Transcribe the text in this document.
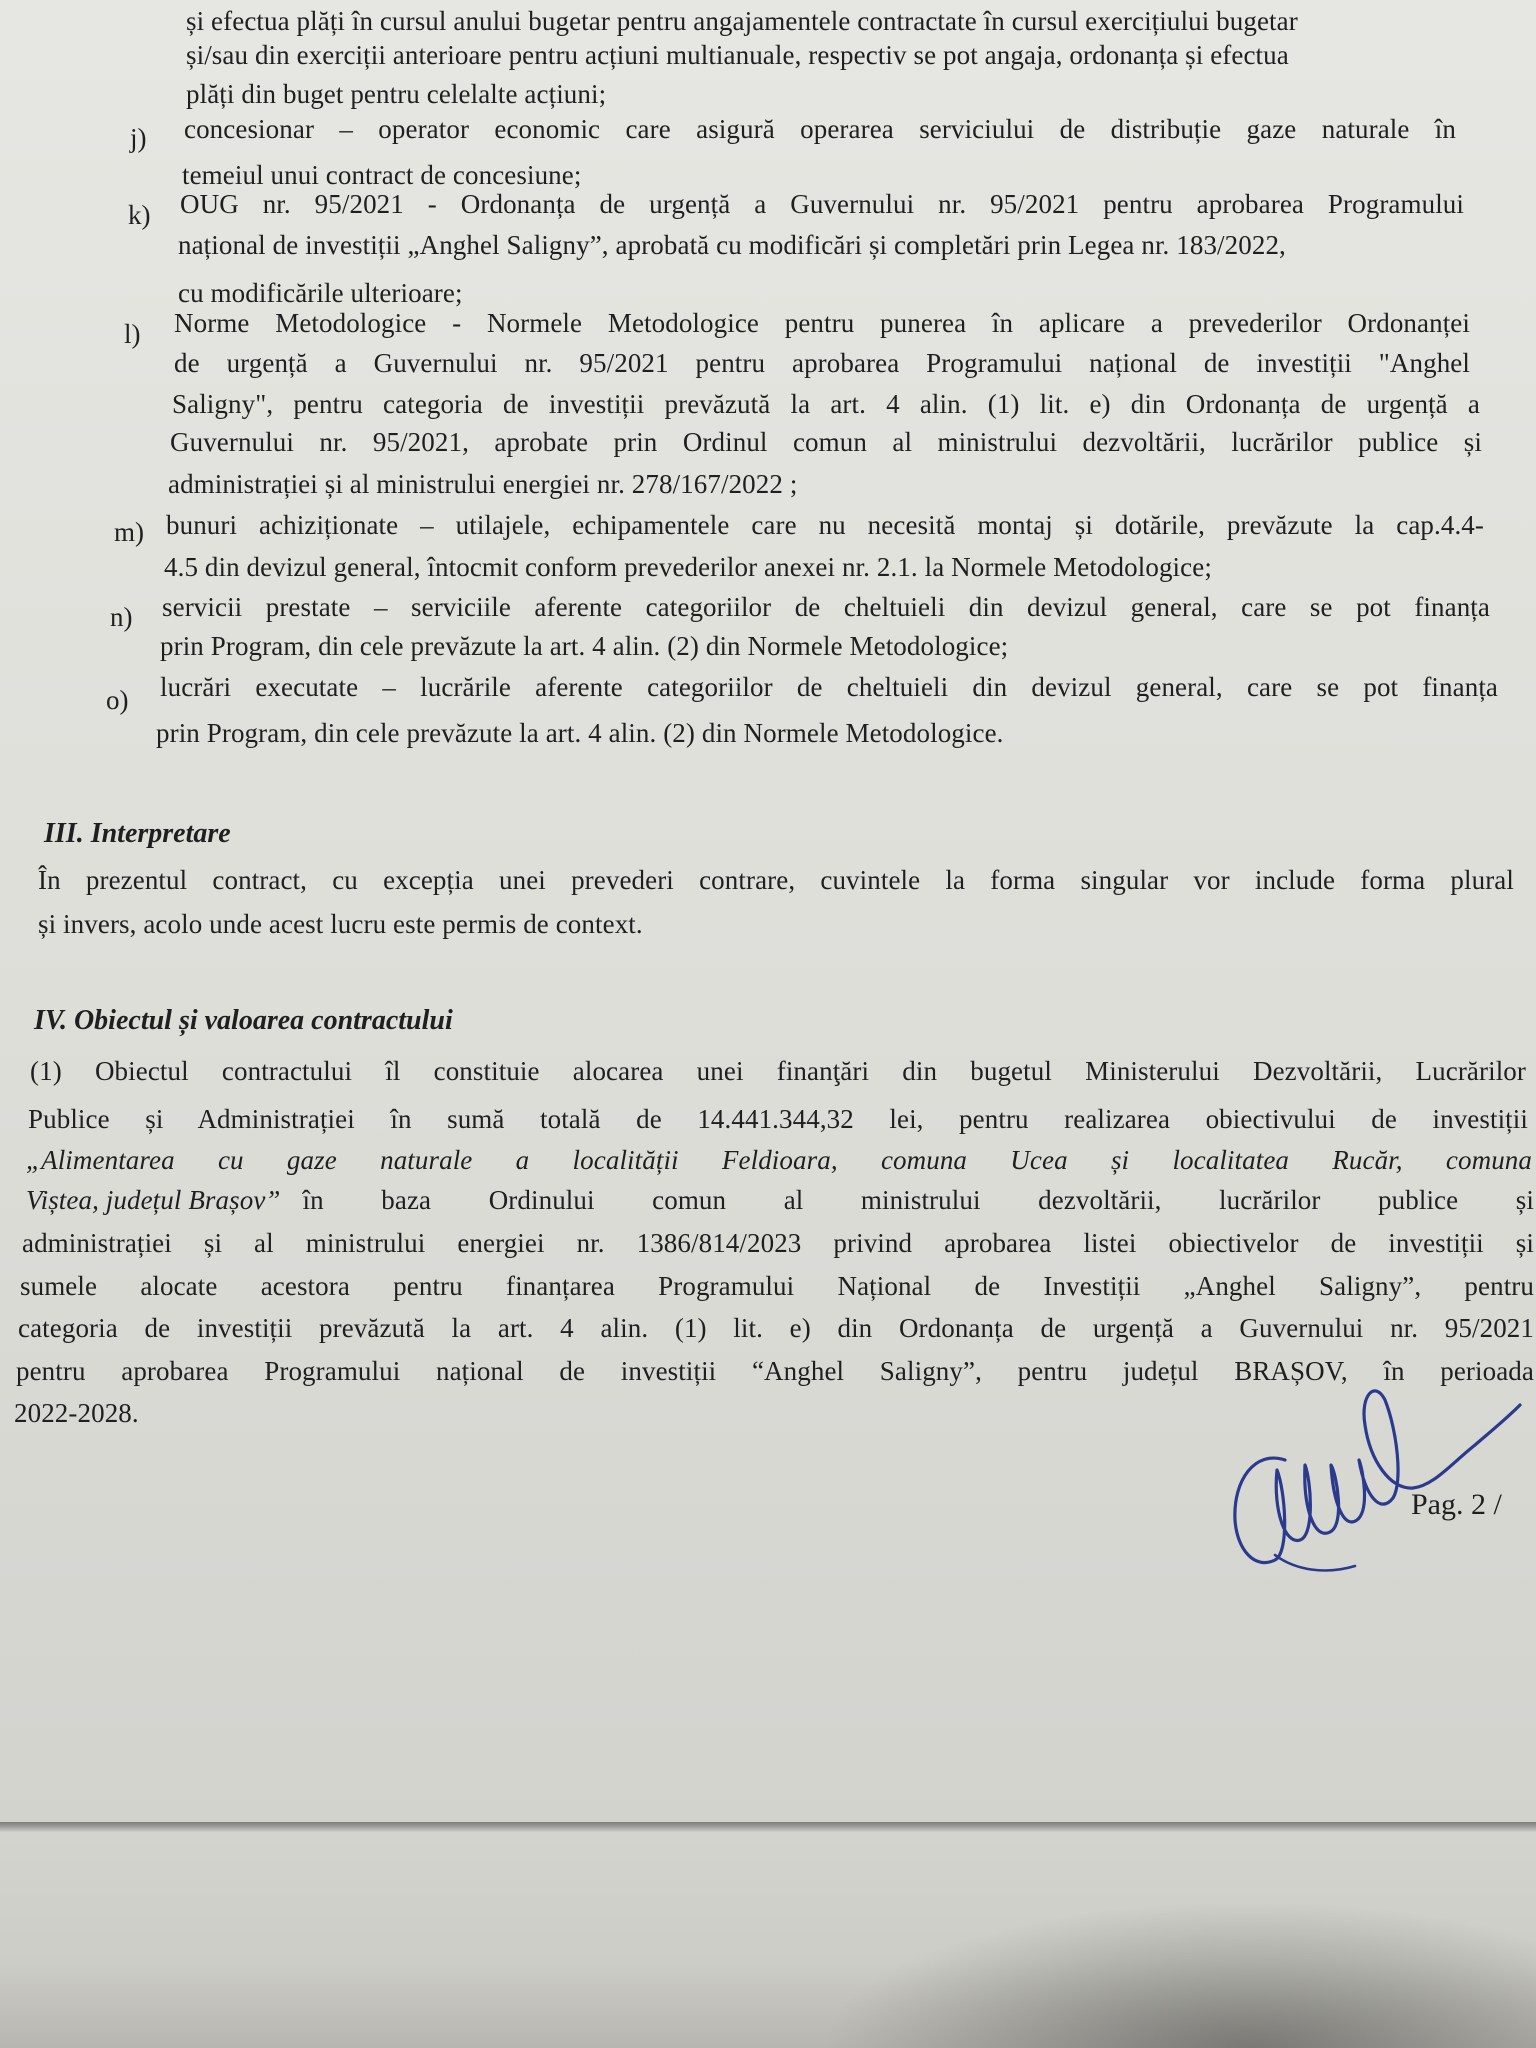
și efectua plăți în cursul anului bugetar pentru angajamentele contractate în cursul exercițiului bugetar
și/sau din exerciții anterioare pentru acțiuni multianuale, respectiv se pot angaja, ordonanța și efectua
plăți din buget pentru celelalte acțiuni;
j) concesionar – operator economic care asigură operarea serviciului de distribuție gaze naturale în
temeiul unui contract de concesiune;
k) OUG nr. 95/2021 - Ordonanța de urgență a Guvernului nr. 95/2021 pentru aprobarea Programului
național de investiții „Anghel Saligny”, aprobată cu modificări și completări prin Legea nr. 183/2022,
cu modificările ulterioare;
l) Norme Metodologice - Normele Metodologice pentru punerea în aplicare a prevederilor Ordonanței
de urgență a Guvernului nr. 95/2021 pentru aprobarea Programului național de investiții "Anghel
Saligny", pentru categoria de investiții prevăzută la art. 4 alin. (1) lit. e) din Ordonanța de urgență a
Guvernului nr. 95/2021, aprobate prin Ordinul comun al ministrului dezvoltării, lucrărilor publice și
administrației și al ministrului energiei nr. 278/167/2022 ;
m) bunuri achiziționate – utilajele, echipamentele care nu necesită montaj și dotările, prevăzute la cap.4.4-
4.5 din devizul general, întocmit conform prevederilor anexei nr. 2.1. la Normele Metodologice;
n) servicii prestate – serviciile aferente categoriilor de cheltuieli din devizul general, care se pot finanța
prin Program, din cele prevăzute la art. 4 alin. (2) din Normele Metodologice;
o) lucrări executate – lucrările aferente categoriilor de cheltuieli din devizul general, care se pot finanța
prin Program, din cele prevăzute la art. 4 alin. (2) din Normele Metodologice.
III. Interpretare
În prezentul contract, cu excepția unei prevederi contrare, cuvintele la forma singular vor include forma plural
și invers, acolo unde acest lucru este permis de context.
IV. Obiectul și valoarea contractului
(1) Obiectul contractului îl constituie alocarea unei finanţări din bugetul Ministerului Dezvoltării, Lucrărilor
Publice și Administrației în sumă totală de 14.441.344,32 lei, pentru realizarea obiectivului de investiții
„Alimentarea cu gaze naturale a localității Feldioara, comuna Ucea și localitatea Rucăr, comuna
Viștea, județul Brașov” în baza Ordinului comun al ministrului dezvoltării, lucrărilor publice și
administrației și al ministrului energiei nr. 1386/814/2023 privind aprobarea listei obiectivelor de investiții și
sumele alocate acestora pentru finanțarea Programului Național de Investiții „Anghel Saligny”, pentru
categoria de investiții prevăzută la art. 4 alin. (1) lit. e) din Ordonanța de urgență a Guvernului nr. 95/2021
pentru aprobarea Programului național de investiții “Anghel Saligny”, pentru județul BRAȘOV, în perioada
2022-2028.
Pag. 2 /
